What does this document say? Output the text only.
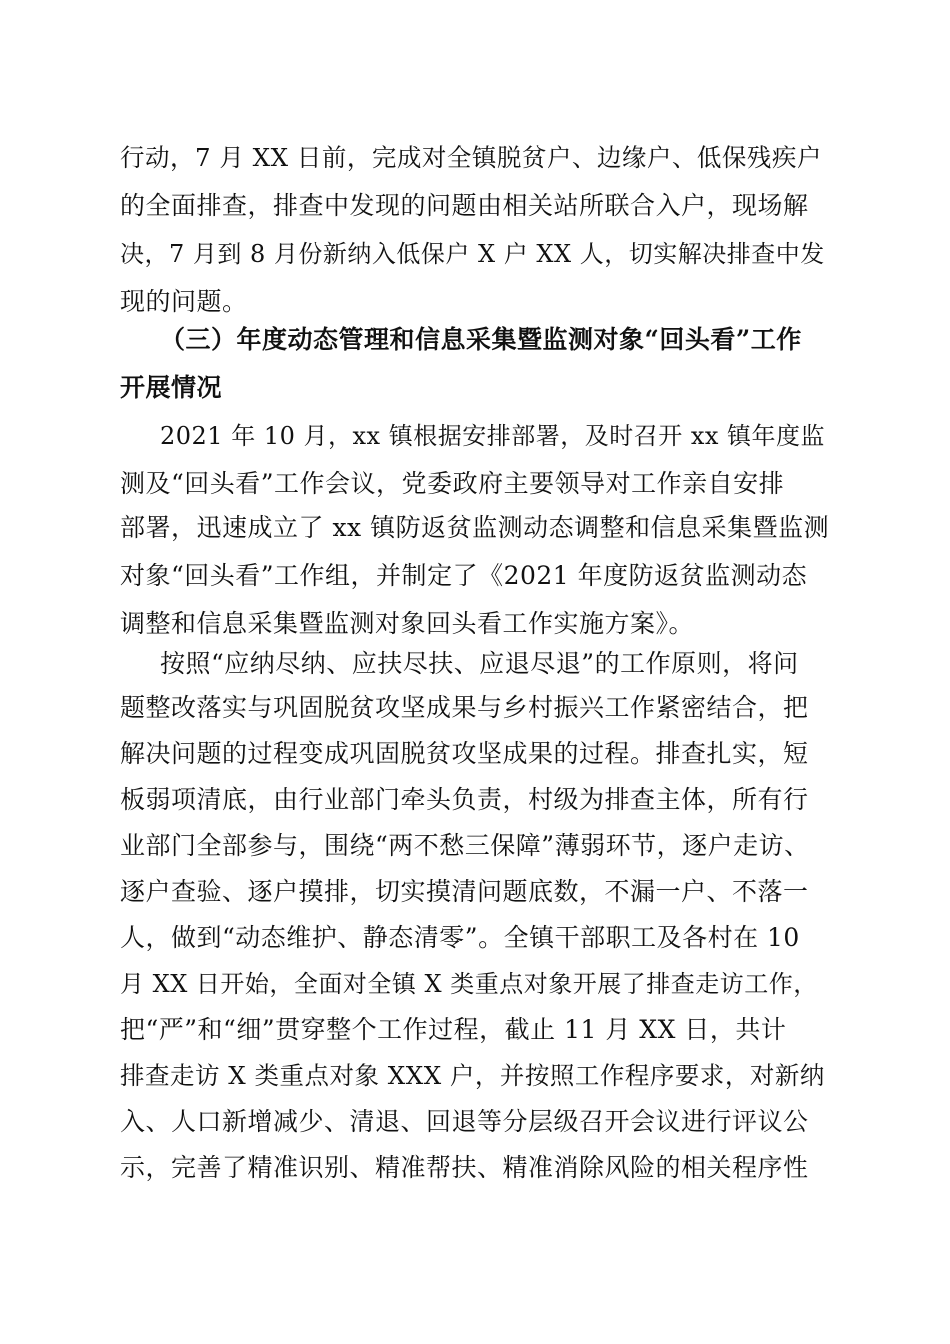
行动，7 月 XX 日前，完成对全镇脱贫户、边缘户、低保残疾户
的全面排查，排查中发现的问题由相关站所联合入户，现场解
决，7 月到 8 月份新纳入低保户 X 户 XX 人，切实解决排查中发
现的问题。
（三）年度动态管理和信息采集暨监测对象“回头看”工作
开展情况
2021 年 10 月，xx 镇根据安排部署，及时召开 xx 镇年度监
测及“回头看”工作会议，党委政府主要领导对工作亲自安排
部署，迅速成立了 xx 镇防返贫监测动态调整和信息采集暨监测
对象“回头看”工作组，并制定了《2021 年度防返贫监测动态
调整和信息采集暨监测对象回头看工作实施方案》。
按照“应纳尽纳、应扶尽扶、应退尽退”的工作原则，将问
题整改落实与巩固脱贫攻坚成果与乡村振兴工作紧密结合，把
解决问题的过程变成巩固脱贫攻坚成果的过程。排查扎实，短
板弱项清底，由行业部门牵头负责，村级为排查主体，所有行
业部门全部参与，围绕“两不愁三保障”薄弱环节，逐户走访、
逐户查验、逐户摸排，切实摸清问题底数，不漏一户、不落一
人，做到“动态维护、静态清零”。全镇干部职工及各村在 10
月 XX 日开始，全面对全镇 X 类重点对象开展了排查走访工作，
把“严”和“细”贯穿整个工作过程，截止 11 月 XX 日，共计
排查走访 X 类重点对象 XXX 户，并按照工作程序要求，对新纳
入、人口新增减少、清退、回退等分层级召开会议进行评议公
示，完善了精准识别、精准帮扶、精准消除风险的相关程序性
